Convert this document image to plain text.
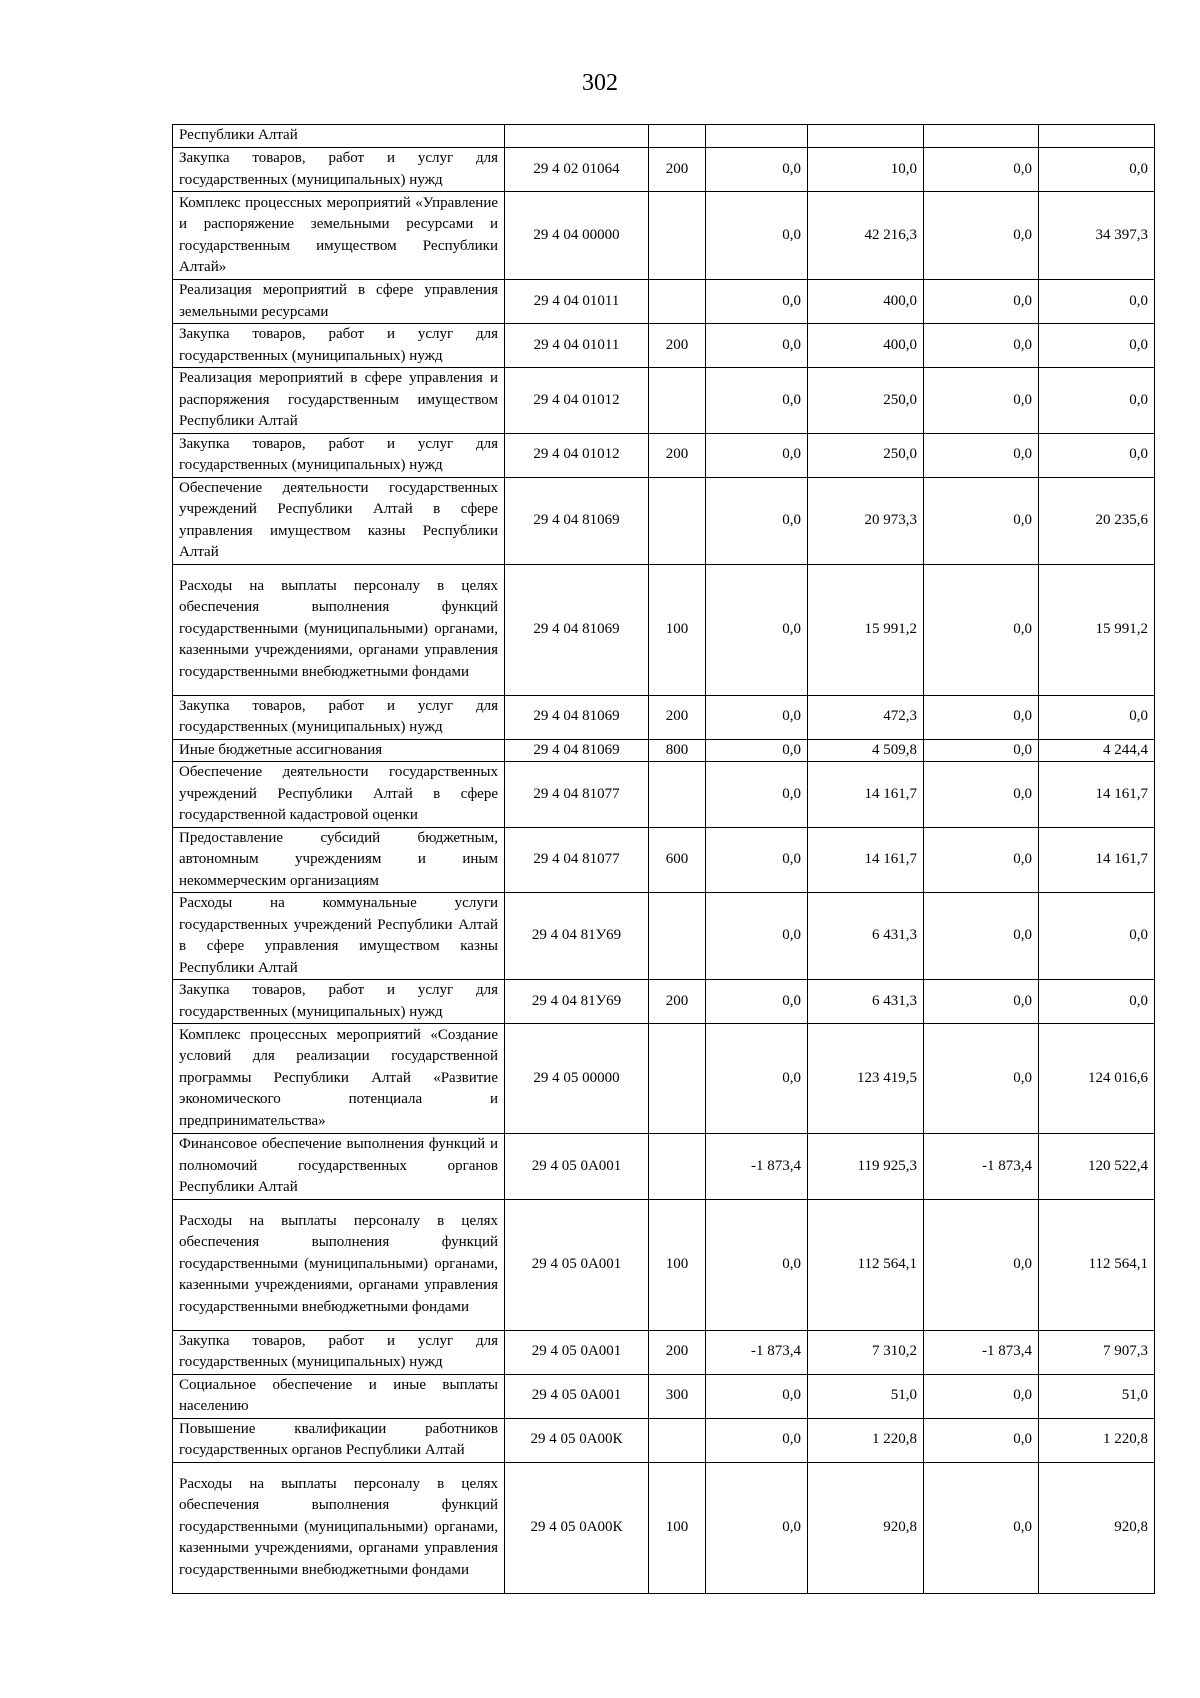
302
Республики Алтай						
Закупка товаров, работ и услуг для государственных (муниципальных) нужд	29 4 02 01064	200	0,0	10,0	0,0	0,0
Комплекс процессных мероприятий «Управление и распоряжение земельными ресурсами и государственным имуществом Республики Алтай»	29 4 04 00000		0,0	42 216,3	0,0	34 397,3
Реализация мероприятий в сфере управления земельными ресурсами	29 4 04 01011		0,0	400,0	0,0	0,0
Закупка товаров, работ и услуг для государственных (муниципальных) нужд	29 4 04 01011	200	0,0	400,0	0,0	0,0
Реализация мероприятий в сфере управления и распоряжения государственным имуществом Республики Алтай	29 4 04 01012		0,0	250,0	0,0	0,0
Закупка товаров, работ и услуг для государственных (муниципальных) нужд	29 4 04 01012	200	0,0	250,0	0,0	0,0
Обеспечение деятельности государственных учреждений Республики Алтай в сфере управления имуществом казны Республики Алтай	29 4 04 81069		0,0	20 973,3	0,0	20 235,6
Расходы на выплаты персоналу в целях обеспечения выполнения функций государственными (муниципальными) органами, казенными учреждениями, органами управления государственными внебюджетными фондами	29 4 04 81069	100	0,0	15 991,2	0,0	15 991,2
Закупка товаров, работ и услуг для государственных (муниципальных) нужд	29 4 04 81069	200	0,0	472,3	0,0	0,0
Иные бюджетные ассигнования	29 4 04 81069	800	0,0	4 509,8	0,0	4 244,4
Обеспечение деятельности государственных учреждений Республики Алтай в сфере государственной кадастровой оценки	29 4 04 81077		0,0	14 161,7	0,0	14 161,7
Предоставление субсидий бюджетным, автономным учреждениям и иным некоммерческим организациям	29 4 04 81077	600	0,0	14 161,7	0,0	14 161,7
Расходы на коммунальные услуги государственных учреждений Республики Алтай в сфере управления имуществом казны Республики Алтай	29 4 04 81У69		0,0	6 431,3	0,0	0,0
Закупка товаров, работ и услуг для государственных (муниципальных) нужд	29 4 04 81У69	200	0,0	6 431,3	0,0	0,0
Комплекс процессных мероприятий «Создание условий для реализации государственной программы Республики Алтай «Развитие экономического потенциала и предпринимательства»	29 4 05 00000		0,0	123 419,5	0,0	124 016,6
Финансовое обеспечение выполнения функций и полномочий государственных органов Республики Алтай	29 4 05 0А001		-1 873,4	119 925,3	-1 873,4	120 522,4
Расходы на выплаты персоналу в целях обеспечения выполнения функций государственными (муниципальными) органами, казенными учреждениями, органами управления государственными внебюджетными фондами	29 4 05 0А001	100	0,0	112 564,1	0,0	112 564,1
Закупка товаров, работ и услуг для государственных (муниципальных) нужд	29 4 05 0А001	200	-1 873,4	7 310,2	-1 873,4	7 907,3
Социальное обеспечение и иные выплаты населению	29 4 05 0А001	300	0,0	51,0	0,0	51,0
Повышение квалификации работников государственных органов Республики Алтай	29 4 05 0А00К		0,0	1 220,8	0,0	1 220,8
Расходы на выплаты персоналу в целях обеспечения выполнения функций государственными (муниципальными) органами, казенными учреждениями, органами управления государственными внебюджетными фондами	29 4 05 0А00К	100	0,0	920,8	0,0	920,8
